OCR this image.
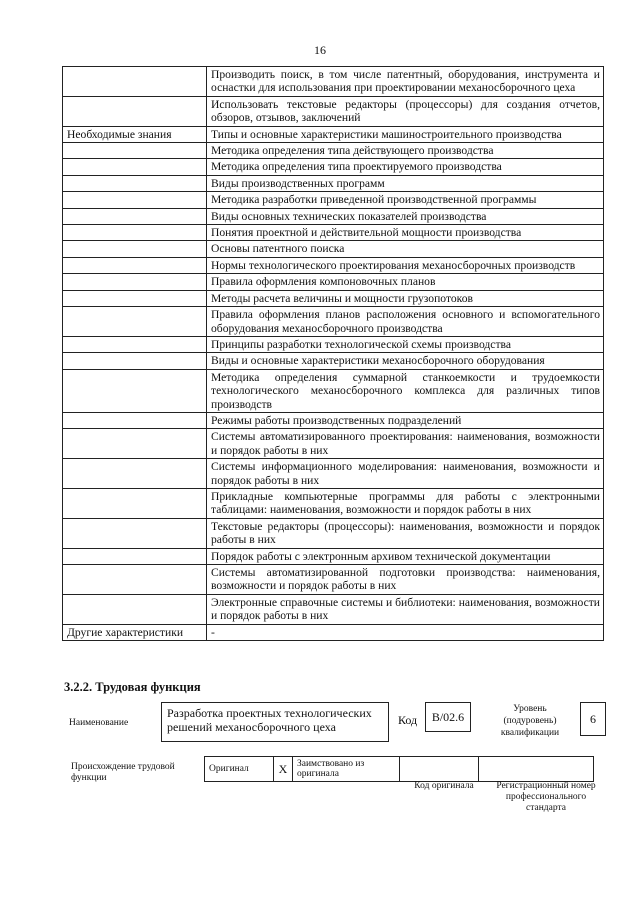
16
	Производить поиск, в том числе патентный, оборудования, инструмента и оснастки для использования при проектировании механосборочного цеха
	Использовать текстовые редакторы (процессоры) для создания отчетов, обзоров, отзывов, заключений
Необходимые знания	Типы и основные характеристики машиностроительного производства
	Методика определения типа действующего производства
	Методика определения типа проектируемого производства
	Виды производственных программ
	Методика разработки приведенной производственной программы
	Виды основных технических показателей производства
	Понятия проектной и действительной мощности производства
	Основы патентного поиска
	Нормы технологического проектирования механосборочных производств
	Правила оформления компоновочных планов
	Методы расчета величины и мощности грузопотоков
	Правила оформления планов расположения основного и вспомогательного оборудования механосборочного производства
	Принципы разработки технологической схемы производства
	Виды и основные характеристики механосборочного оборудования
	Методика определения суммарной станкоемкости и трудоемкости технологического механосборочного комплекса для различных типов производств
	Режимы работы производственных подразделений
	Системы автоматизированного проектирования: наименования, возможности и порядок работы в них
	Системы информационного моделирования: наименования, возможности и порядок работы в них
	Прикладные компьютерные программы для работы с электронными таблицами: наименования, возможности и порядок работы в них
	Текстовые редакторы (процессоры): наименования, возможности и порядок работы в них
	Порядок работы с электронным архивом технической документации
	Системы автоматизированной подготовки производства: наименования, возможности и порядок работы в них
	Электронные справочные системы и библиотеки: наименования, возможности и порядок работы в них
Другие характеристики	-
3.2.2. Трудовая функция
Наименование
Разработка проектных технологических решений механосборочного цеха	Код	B/02.6
Уровень (подуровень) квалификации
6
Происхождение трудовой функции
Оригинал	X	Заимствовано из оригинала		
Код оригинала	Регистрационный номер профессионального стандарта
